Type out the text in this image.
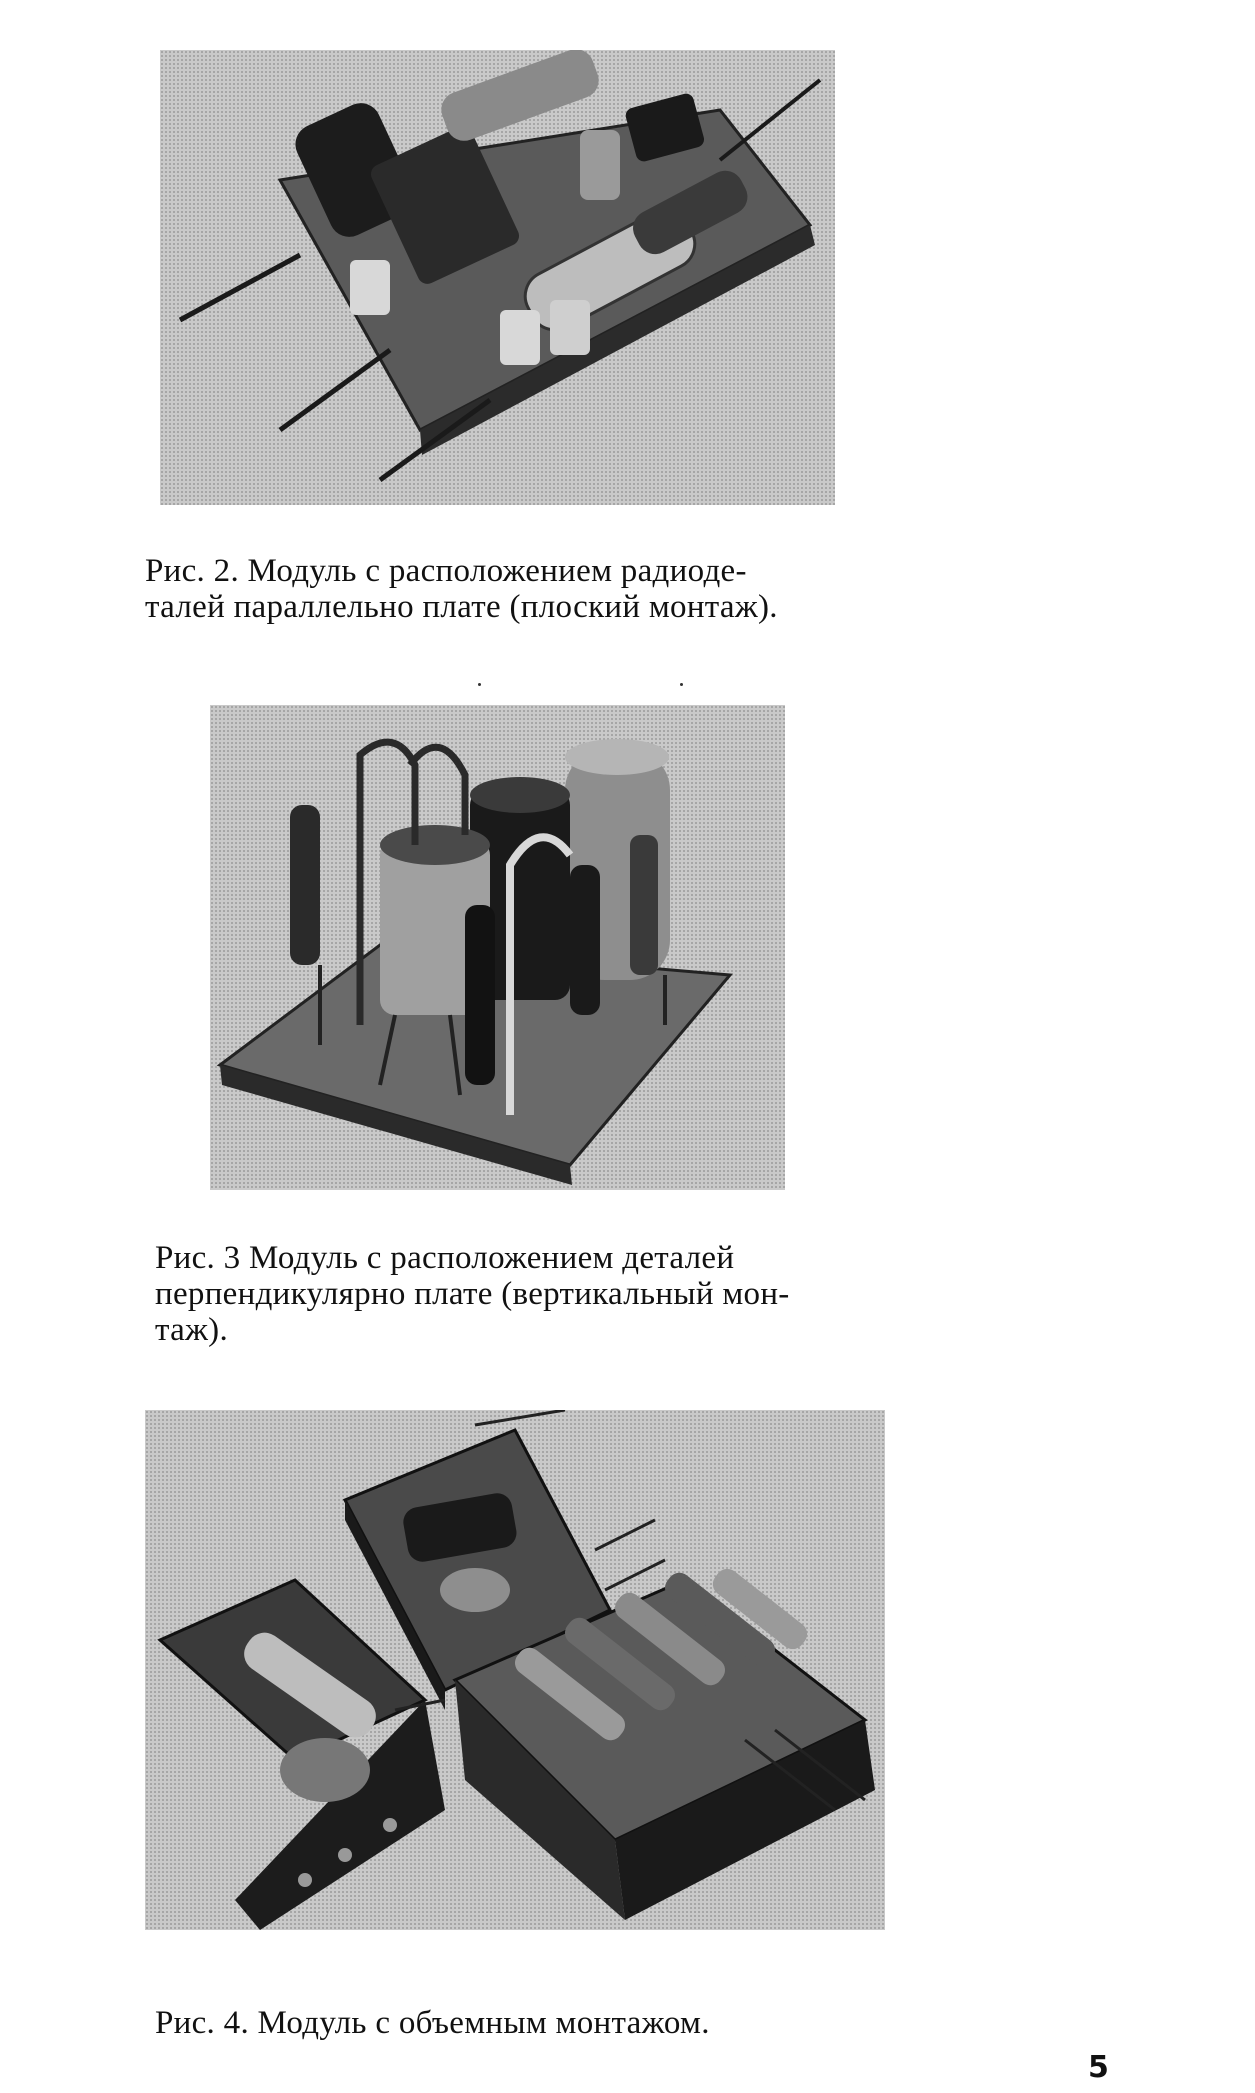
Рис. 2. Модуль с расположением радиоде-
талей параллельно плате (плоский монтаж).
Рис. 3 Модуль с расположением деталей
перпендикулярно плате (вертикальный мон-
таж).
Рис. 4. Модуль с объемным монтажом.
5
